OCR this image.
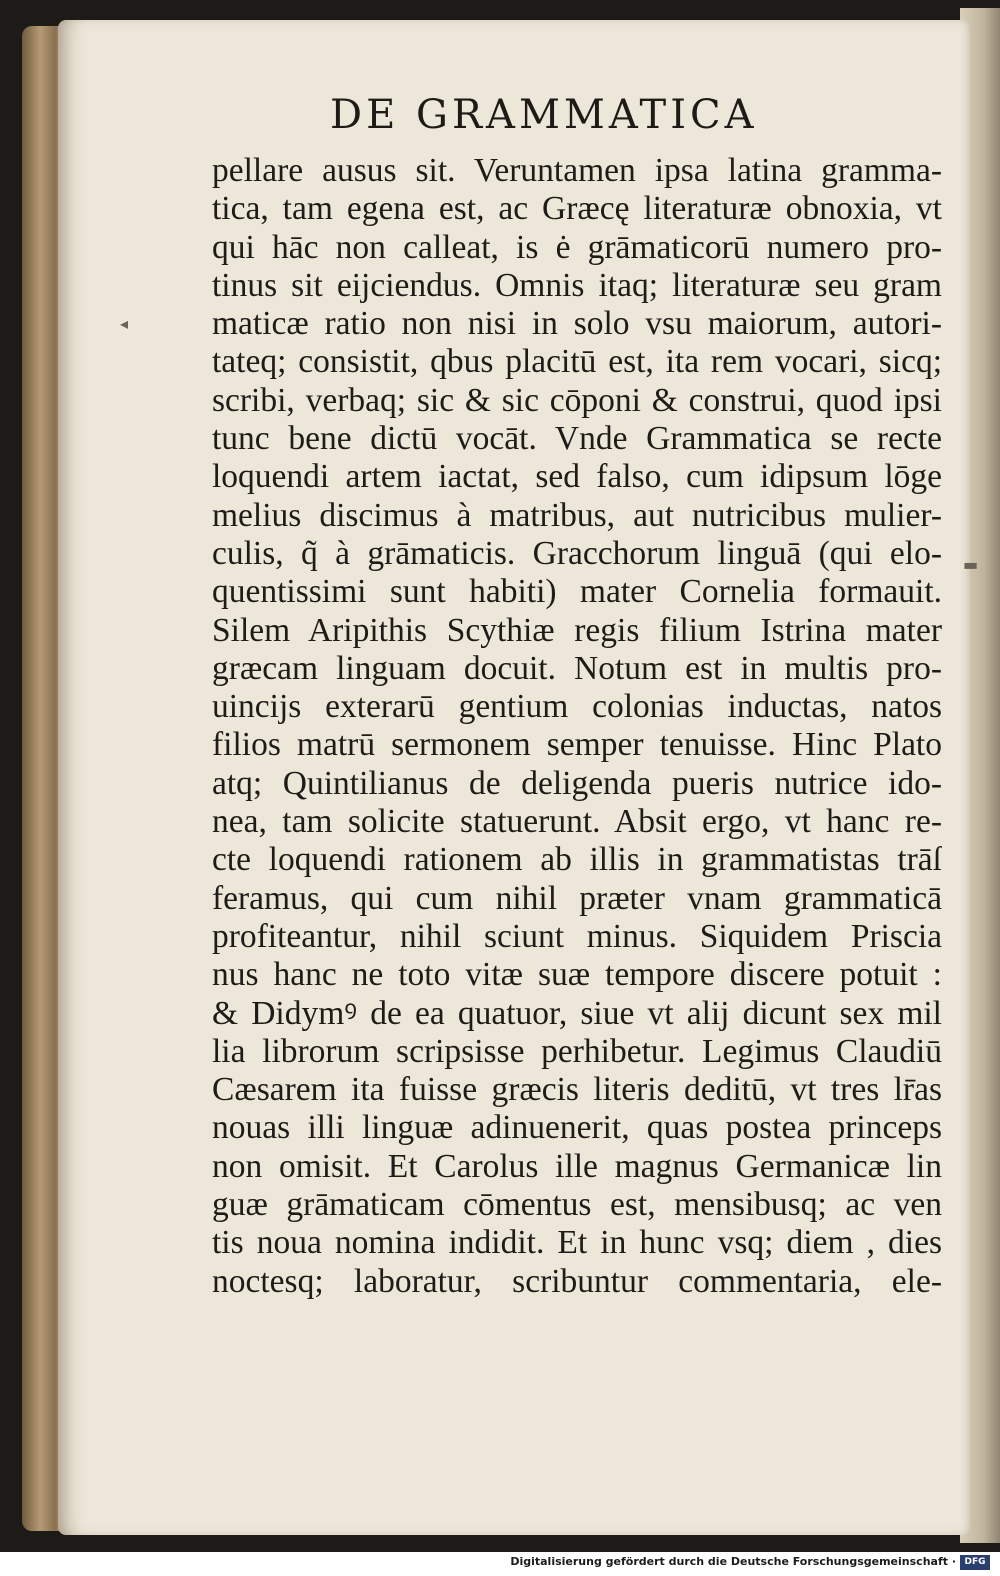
DE GRAMMATICA
◂
▬
pellare ausus sit. Veruntamen ipsa latina gramma-
tica, tam egena est, ac Græcę literaturæ obnoxia, vt
qui hāc non calleat, is ė grāmaticorū numero pro-
tinus sit eijciendus. Omnis itaq; literaturæ seu gram
maticæ ratio non nisi in solo vsu maiorum, autori-
tateq; consistit, qbus placitū est, ita rem vocari, sicq;
scribi, verbaq; sic & sic cōponi & construi, quod ipsi
tunc bene dictū vocāt. Vnde Grammatica se recte
loquendi artem iactat, sed falso, cum idipsum lōge
melius discimus à matribus, aut nutricibus mulier-
culis, q̃ à grāmaticis. Gracchorum linguā (qui elo-
quentissimi sunt habiti) mater Cornelia formauit.
Silem Aripithis Scythiæ regis filium Istrina mater
græcam linguam docuit. Notum est in multis pro-
uincijs exterarū gentium colonias inductas, natos
filios matrū sermonem semper tenuisse. Hinc Plato
atq; Quintilianus de deligenda pueris nutrice ido-
nea, tam solicite statuerunt. Absit ergo, vt hanc re-
cte loquendi rationem ab illis in grammatistas trāſ
feramus, qui cum nihil præter vnam grammaticā
profiteantur, nihil sciunt minus. Siquidem Priscia
nus hanc ne toto vitæ suæ tempore discere potuit :
& Didymꝰ de ea quatuor, siue vt alij dicunt sex mil
lia librorum scripsisse perhibetur. Legimus Claudiū
Cæsarem ita fuisse græcis literis deditū, vt tres lr̄as
nouas illi linguæ adinuenerit, quas postea princeps
non omisit. Et Carolus ille magnus Germanicæ lin
guæ grāmaticam cōmentus est, mensibusq; ac ven
tis noua nomina indidit. Et in hunc vsq; diem , dies
noctesq; laboratur, scribuntur commentaria, ele-
Digitalisierung gefördert durch die Deutsche Forschungsgemeinschaft · DFG
